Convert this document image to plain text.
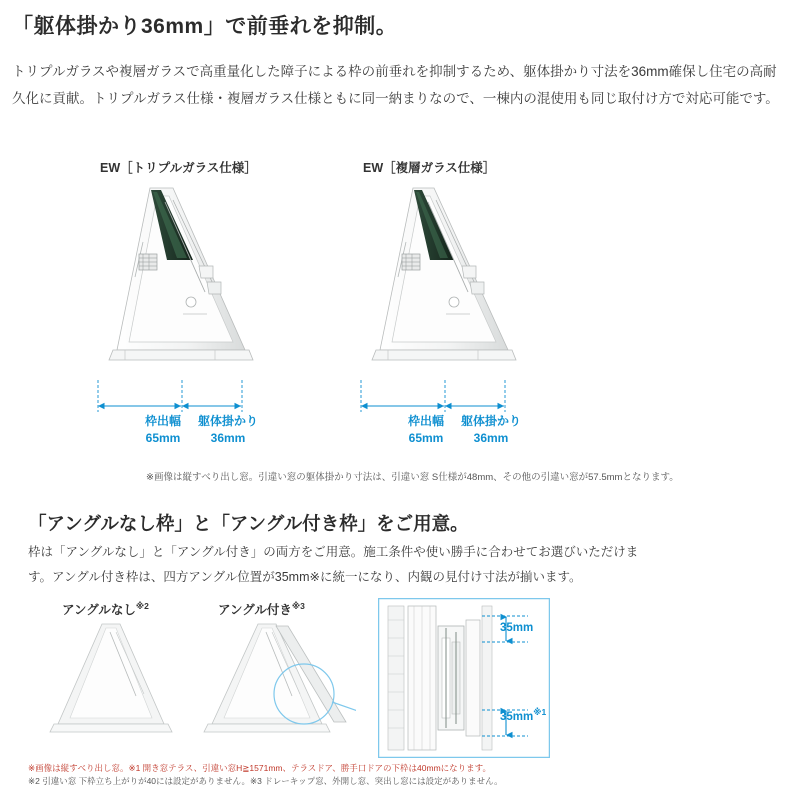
「躯体掛かり36mm」で前垂れを抑制。
トリプルガラスや複層ガラスで高重量化した障子による枠の前垂れを抑制するため、躯体掛かり寸法を36mm確保し住宅の高耐久化に貢献。トリプルガラス仕様・複層ガラス仕様ともに同一納まりなので、一棟内の混使用も同じ取付け方で対応可能です。
EW［トリプルガラス仕様］	EW［複層ガラス仕様］
枠出幅
65mm
躯体掛かり
36mm
枠出幅
65mm
躯体掛かり
36mm
※画像は縦すべり出し窓。引違い窓の躯体掛かり寸法は、引違い窓 S仕様が48mm、その他の引違い窓が57.5mmとなります。
「アングルなし枠」と「アングル付き枠」をご用意。
枠は「アングルなし」と「アングル付き」の両方をご用意。施工条件や使い勝手に合わせてお選びいただけます。アングル付き枠は、四方アングル位置が35mm※に統一になり、内観の見付け寸法が揃います。
アングルなし$^{※2}$	アングル付き$^{※3}$
35mm
$35mm^{※1}$
※画像は縦すべり出し窓。※1 開き窓テラス、引違い窓H≧1571mm、テラスドア、勝手口ドアの下枠は40mmになります。
※2 引違い窓 下枠立ち上がりが40には設定がありません。※3 ドレーキップ窓、外開し窓、突出し窓には設定がありません。
